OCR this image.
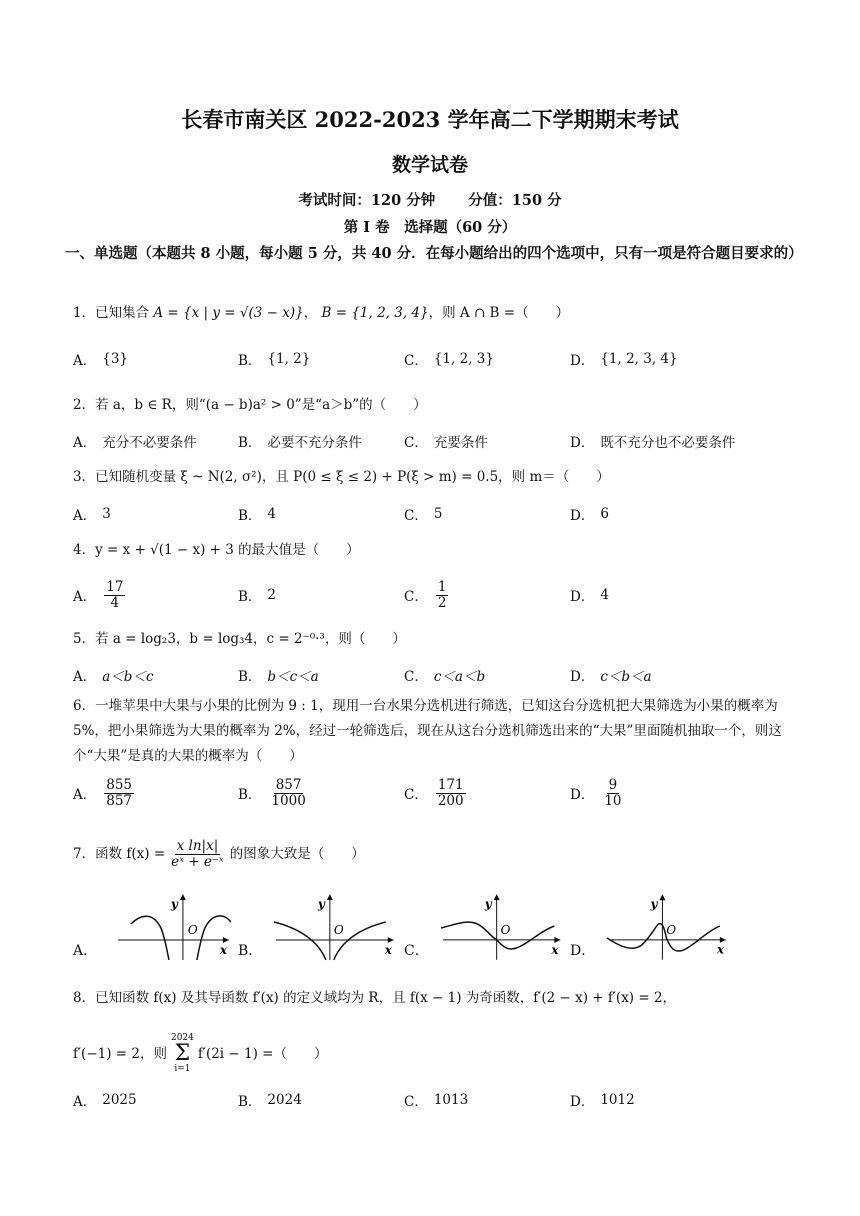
长春市南关区 2022-2023 学年高二下学期期末考试
数学试卷
考试时间：120 分钟 分值：150 分
第 I 卷　选择题（60 分）
一、单选题（本题共 8 小题，每小题 5 分，共 40 分．在每小题给出的四个选项中，只有一项是符合题目要求的）
1．已知集合 A = {x | y = √(3 − x)}， B = {1, 2, 3, 4}，则 A ∩ B =（　　）
A． {3}	B． {1, 2}	C． {1, 2, 3}	D． {1, 2, 3, 4}
2．若 a，b ∈ R，则“(a − b)a² > 0”是“a＞b”的（　　）
A． 充分不必要条件	B． 必要不充分条件	C． 充要条件	D． 既不充分也不必要条件
3．已知随机变量 ξ ~ N(2, σ²)，且 P(0 ≤ ξ ≤ 2) + P(ξ > m) = 0.5，则 m＝（　　）
A． 3	B． 4	C． 5	D． 6
4．y = x + √(1 − x) + 3 的最大值是（　　）
A． $\frac{17}{4}$	B． 2	C． $\frac{1}{2}$	D． 4
5．若 a = log₂3，b = log₃4，c = 2⁻⁰·³，则（　　）
A． a＜b＜c	B． b＜c＜a	C． c＜a＜b	D． c＜b＜a
6．一堆苹果中大果与小果的比例为 9 : 1，现用一台水果分选机进行筛选，已知这台分选机把大果筛选为小果的概率为 5%，把小果筛选为大果的概率为 2%，经过一轮筛选后，现在从这台分选机筛选出来的“大果”里面随机抽取一个，则这个“大果”是真的大果的概率为（　　）
A． $\frac{855}{857}$	B． $\frac{857}{1000}$	C． $\frac{171}{200}$	D． $\frac{9}{10}$
7． 函数 $f(x) = \frac{\text{x ln|x|}}{\text{eˣ + e⁻ˣ}}$ 的图象大致是（　　）
A．
y
O
x B．
y
O
x C．
y
O
x D．
y
O
x
8．已知函数 f(x) 及其导函数 f′(x) 的定义域均为 R，且 f(x − 1) 为奇函数，f′(2 − x) + f′(x) = 2，
f′(−1) = 2，则
2024
Σ
i=1
f′(2i − 1) =（　　）
A． 2025	B． 2024	C． 1013	D． 1012
